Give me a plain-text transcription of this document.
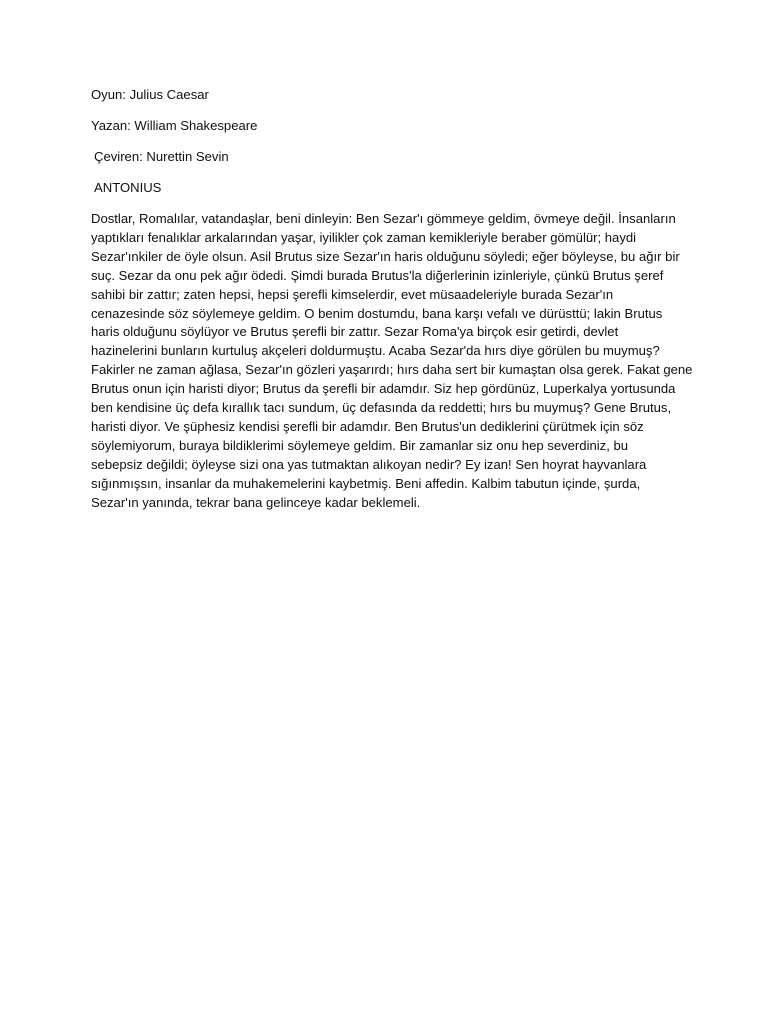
Oyun: Julius Caesar

Yazan: William Shakespeare

Çeviren: Nurettin Sevin

ANTONIUS

Dostlar, Romalılar, vatandaşlar, beni dinleyin: Ben Sezar'ı gömmeye geldim, övmeye değil. İnsanların

yaptıkları fenalıklar arkalarından yaşar, iyilikler çok zaman kemikleriyle beraber gömülür; haydi

Sezar'ınkiler de öyle olsun. Asil Brutus size Sezar'ın haris olduğunu söyledi; eğer böyleyse, bu ağır bir

suç. Sezar da onu pek ağır ödedi. Şimdi burada Brutus'la diğerlerinin izinleriyle, çünkü Brutus şeref

sahibi bir zattır; zaten hepsi, hepsi şerefli kimselerdir, evet müsaadeleriyle burada Sezar'ın

cenazesinde söz söylemeye geldim. O benim dostumdu, bana karşı vefalı ve dürüsttü; lakin Brutus

haris olduğunu söylüyor ve Brutus şerefli bir zattır. Sezar Roma'ya birçok esir getirdi, devlet

hazinelerini bunların kurtuluş akçeleri doldurmuştu. Acaba Sezar'da hırs diye görülen bu muymuş?

Fakirler ne zaman ağlasa, Sezar'ın gözleri yaşarırdı; hırs daha sert bir kumaştan olsa gerek. Fakat gene

Brutus onun için haristi diyor; Brutus da şerefli bir adamdır. Siz hep gördünüz, Luperkalya yortusunda

ben kendisine üç defa kırallık tacı sundum, üç defasında da reddetti; hırs bu muymuş? Gene Brutus,

haristi diyor. Ve şüphesiz kendisi şerefli bir adamdır. Ben Brutus'un dediklerini çürütmek için söz

söylemiyorum, buraya bildiklerimi söylemeye geldim. Bir zamanlar siz onu hep severdiniz, bu

sebepsiz değildi; öyleyse sizi ona yas tutmaktan alıkoyan nedir? Ey izan! Sen hoyrat hayvanlara

sığınmışsın, insanlar da muhakemelerini kaybetmiş. Beni affedin. Kalbim tabutun içinde, şurda,

Sezar'ın yanında, tekrar bana gelinceye kadar beklemeli.
